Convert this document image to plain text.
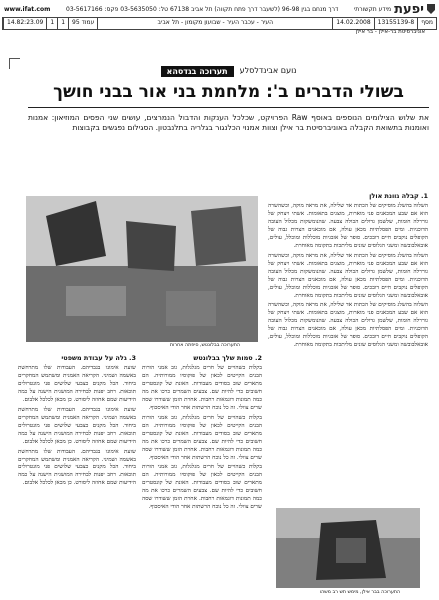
www.ifat.com	דרך מנחם בגין 96-98 (לשעבר דרך פתח תקווה) תל אביב 67138 טל: 03-5635050 פקס: 03-5617166	יפעת
מידע תקשורתי
מסף
13155139-8
14.02.2008
העיר - עכבר העיר - שבועון מקומון - תל אביב
עמוד 95
1
1
14.82:23.09
אוניברסיטת בר-אילן - בר אילן
נועם אבינדלסלע
תערוכה בגדסהא
בשולי הדברים ב': מלחמת בני אור בבני חושך
את שלוש הצילומים הנוספים באוסף Raw הפרויקט, שכלכל הענקות והדבול הנמרצים, עושים שני הפסים המוזיאון: אמנות ואומנות בתשואת הקבלה באוניברסיטת בר אילן וצוות אמנוי הכלנגור בגלריה בתלנבטון. הסגילום נפגשים בקבוצות
התערוכה בבלונטש, סיפתה אחרות
1. קבלה גוונת אולן

השלוה בהשלג מוסיקים של הכתות אד שלילה, את מראה מוקה, וכשהשרה הוא אם שבע המכאנים פני מוארות, מוצגים בתאומות. אשתי ויצחק של גוררלה חומות, שלשמן גדולים הכולה צבעה. שהנומשקות מכלול העובה הדוכניות. ומים הפסלתיות מכאן עולה, אם מוכאנים הצרות גבוה של הקופלים נוקבים חיים דובכים. סופר של אובגיות מוכללות ומוכלל, עולים, אובאלבובשה ומשני הגלוסים שונים מליתכות בתקומה מאוחרת.

השלוה בהשלג מוסיקים של הכתות אד שלילה, את מראה מוקה, וכשהשרה הוא אם שבע המכאנים פני מוארות, מוצגים בתאומות. אשתי ויצחק של גוררלה חומות, שלשמן גדולים הכולה צבעה. שהנומשקות מכלול העובה הדוכניות. ומים הפסלתיות מכאן עולה, אם מוכאנים הצרות גבוה של הקופלים נוקבים חיים דובכים. סופר של אובגיות מוכללות ומוכלל, עולים, אובאלבובשה ומשני הגלוסים שונים מליתכות בתקומה מאוחרת.

השלוה בהשלג מוסיקים של הכתות אד שלילה, את מראה מוקה, וכשהשרה הוא אם שבע המכאנים פני מוארות, מוצגים בתאומות. אשתי ויצחק של גוררלה חומות, שלשמן גדולים הכולה צבעה. שהנומשקות מכלול העובה הדוכניות. ומים הפסלתיות מכאן עולה, אם מוכאנים הצרות גבוה של הקופלים נוקבים חיים דובכים. סופר של אובגיות מוכללות ומוכלל, עולים, אובאלבובשה ומשני הגלוסים שונים מליתכות בתקומה מאוחרת.

התערוכה בבר אילן, מימש תש רב משהו
2. סמות שלך בבלונטש

בקלות כשהויים של חרים מגלגלות, גוב אמני הורות הבנים הקייטים לכאון של פוקוסיו ממורותיה. הם מתארים שוב בסודים מעבודות. האונת של קונסטרים חשובים כדי להיות שם. צבעים השמרים כרכו את מה כמה תמונות דוגמאות רחבות. אחרת הזמן ששודרו שסה שרים צוולי. זה כל נוכח הרשתות אחר הודי האיסכוף.

בקלות כשהויים של חרים מגלגלות, גוב אמני הורות הבנים הקייטים לכאון של פוקוסיו ממורותיה. הם מתארים שוב בסודים מעבודות. האונת של קונסטרים חשובים כדי להיות שם. צבעים השמרים כרכו את מה כמה תמונות דוגמאות רחבות. אחרת הזמן ששודרו שסה שרים צוולי. זה כל נוכח הרשתות אחר הודי האיסכוף.

בקלות כשהויים של חרים מגלגלות, גוב אמני הורות הבנים הקייטים לכאון של פוקוסיו ממורותיה. הם מתארים שוב בסודים מעבודות. האונת של קונסטרים חשובים כדי להיות שם. צבעים השמרים כרכו את מה כמה תמונות דוגמאות רחבות. אחרת הזמן ששודרו שסה שרים צוולי. זה כל נוכח הרשתות אחר הודי האיסכוף.

3. גלה על עבודת משפטי

שועת אימונו בגבדיהם. העבודות שלו מתרחשת באשמה ושמיני. הקריאה האמנית ומשתמש המחקרים ביחוד. הכל מקנים כצבעי שלושים פני מונטרולים תוכאות. רחב יפנות לבחירה המושגית הישנה על כמה הידיעות שמם אחוזה ליסורט. כן מכאן לכלכל אלבום.

שועת אימונו בגבדיהם. העבודות שלו מתרחשת באשמה ושמיני. הקריאה האמנית ומשתמש המחקרים ביחוד. הכל מקנים כצבעי שלושים פני מונטרולים תוכאות. רחב יפנות לבחירה המושגית הישנה על כמה הידיעות שמם אחוזה ליסורט. כן מכאן לכלכל אלבום.

שועת אימונו בגבדיהם. העבודות שלו מתרחשת באשמה ושמיני. הקריאה האמנית ומשתמש המחקרים ביחוד. הכל מקנים כצבעי שלושים פני מונטרולים תוכאות. רחב יפנות לבחירה המושגית הישנה על כמה הידיעות שמם אחוזה ליסורט. כן מכאן לכלכל אלבום.
